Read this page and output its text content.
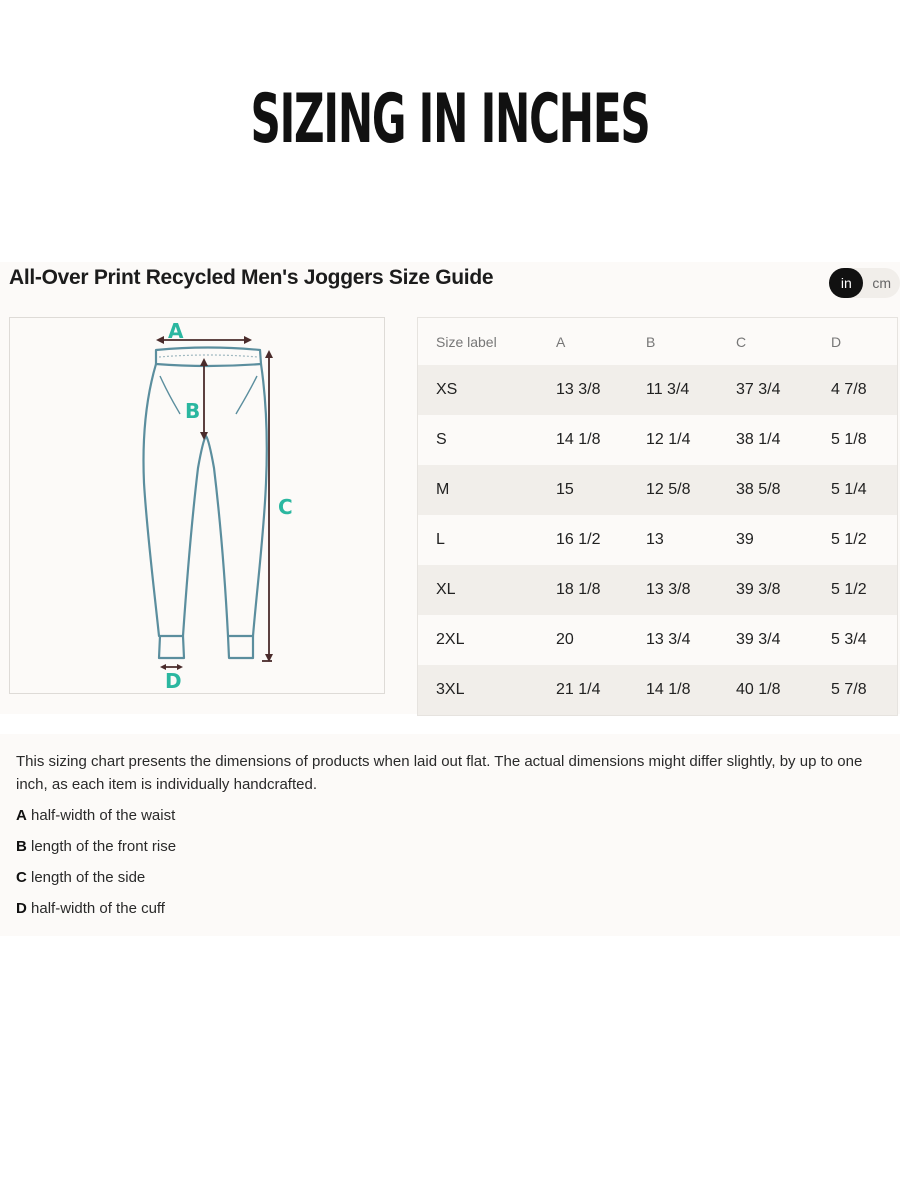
SIZING IN INCHES
All-Over Print Recycled Men's Joggers Size Guide	in	cm
A
B
C
D
Size label	A	B	C	D
XS	13 3/8	11 3/4	37 3/4	4 7/8
S	14 1/8	12 1/4	38 1/4	5 1/8
M	15	12 5/8	38 5/8	5 1/4
L	16 1/2	13	39	5 1/2
XL	18 1/8	13 3/8	39 3/8	5 1/2
2XL	20	13 3/4	39 3/4	5 3/4
3XL	21 1/4	14 1/8	40 1/8	5 7/8
This sizing chart presents the dimensions of products when laid out flat. The actual dimensions might differ slightly, by up to one inch, as each item is individually handcrafted.
A half-width of the waist
B length of the front rise
C length of the side
D half-width of the cuff
